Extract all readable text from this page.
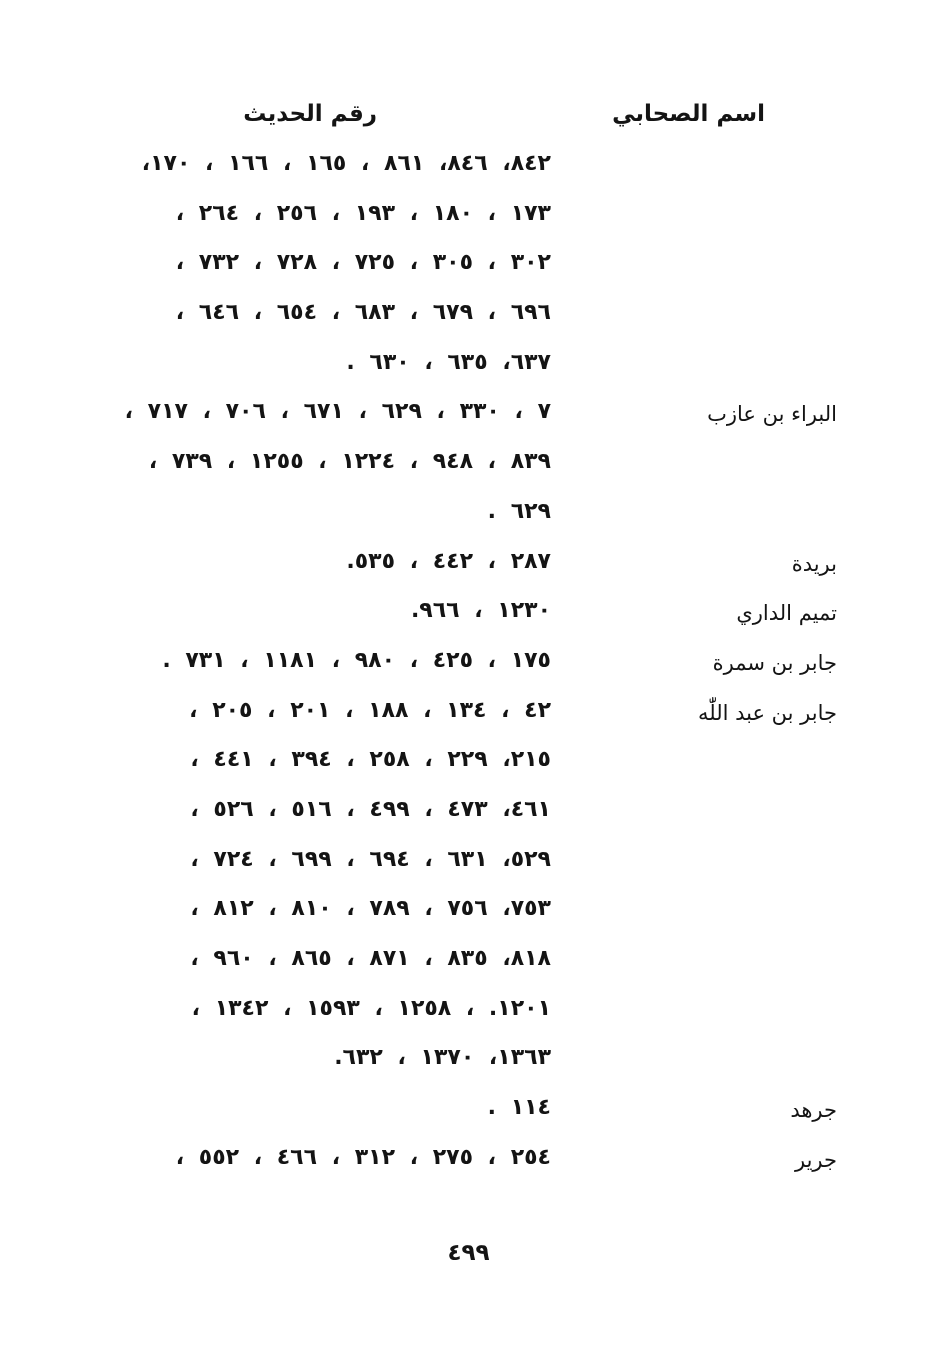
اسم الصحابي
رقم الحديث
٨٤٢، ٨٤٦، ٨٦١ ، ١٦٥ ، ١٦٦ ، ١٧٠،
١٧٣ ، ١٨٠ ، ١٩٣ ، ٢٥٦ ، ٢٦٤ ،
٣٠٢ ، ٣٠٥ ، ٧٢٥ ، ٧٢٨ ، ٧٣٢ ،
٦٩٦ ، ٦٧٩ ، ٦٨٣ ، ٦٥٤ ، ٦٤٦ ،
٦٣٧، ٦٣٥ ، ٦٣٠ .
البراء بن عازب
٧ ، ٣٣٠ ، ٦٢٩ ، ٦٧١ ، ٧٠٦ ، ٧١٧ ،
٨٣٩ ، ٩٤٨ ، ١٢٢٤ ، ١٢٥٥ ، ٧٣٩ ،
٦٢٩ .
بريدة
٢٨٧ ، ٤٤٢ ، ٥٣٥.
تميم الداري
١٢٣٠ ، ٩٦٦.
جابر بن سمرة
١٧٥ ، ٤٢٥ ، ٩٨٠ ، ١١٨١ ، ٧٣١ .
جابر بن عبد اللّٰه
٤٢ ، ١٣٤ ، ١٨٨ ، ٢٠١ ، ٢٠٥ ،
٢١٥، ٢٢٩ ، ٢٥٨ ، ٣٩٤ ، ٤٤١ ،
٤٦١، ٤٧٣ ، ٤٩٩ ، ٥١٦ ، ٥٢٦ ،
٥٢٩، ٦٣١ ، ٦٩٤ ، ٦٩٩ ، ٧٢٤ ،
٧٥٣، ٧٥٦ ، ٧٨٩ ، ٨١٠ ، ٨١٢ ،
٨١٨، ٨٣٥ ، ٨٧١ ، ٨٦٥ ، ٩٦٠ ،
١٢٠١. ، ١٢٥٨ ، ١٥٩٣ ، ١٣٤٢ ،
١٣٦٣، ١٣٧٠ ، ٦٣٢.
جرهد
١١٤ .
جرير
٢٥٤ ، ٢٧٥ ، ٣١٢ ، ٤٦٦ ، ٥٥٢ ،
٤٩٩
